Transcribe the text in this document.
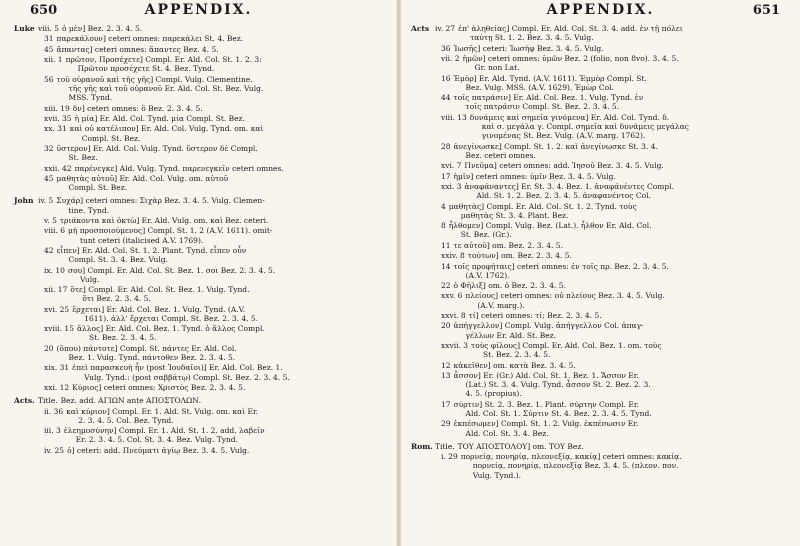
650	APPENDIX.
Luke viii. 5 ὁ μὲν] Bez. 2. 3. 4. 5.
31 παρεκάλουν] ceteri omnes: παρεκάλει St. 4. Bez.
45 ἅπαντας] ceteri omnes: ἅπαντες Bez. 4. 5.
xii. 1 πρῶτον, Προσέχετε] Compl. Er. Ald. Col. St. 1. 2. 3:
Πρῶτον προσέχετε St. 4. Bez. Tynd.
56 τοῦ οὐρανοῦ καὶ τῆς γῆς] Compl. Vulg. Clementine.
τῆς γῆς καὶ τοῦ οὐρανοῦ Er. Ald. Col. St. Bez. Vulg.
MSS. Tynd.
xiii. 19 δν] ceteri omnes: ὃ Bez. 2. 3. 4. 5.
xvii. 35 ἡ μία] Er. Ald. Col. Tynd. μία Compl. St. Bez.
xx. 31 καὶ οὐ κατέλιπον] Er. Ald. Col. Vulg. Tynd. om. καὶ
Compl. St. Bez.
32 ὕστερον] Er. Ald. Col. Vulg. Tynd. ὕστερον δὲ Compl.
St. Bez.
xxii. 42 παρένεγκε] Ald. Vulg. Tynd. παρενεγκεῖν ceteri omnes.
45 μαθητὰς αὐτοῦ] Er. Ald. Col. Vulg. om. αὐτοῦ
Compl. St. Bez.
John iv. 5 Συχάρ] ceteri omnes: Σιχὰρ Bez. 3. 4. 5. Vulg. Clemen-
tine. Tynd.
v. 5 τριάκοντα καὶ ὀκτὼ] Er. Ald. Vulg. om. καὶ Bez. ceteri.
viii. 6 μὴ προσποιούμενος] Compl. St. 1. 2 (A.V. 1611). omit-
tunt ceteri (italicised A.V. 1769).
42 εἶπεν] Er. Ald. Col. St. 1. 2. Plant. Tynd. εἶπεν οὖν
Compl. St. 3. 4. Bez. Vulg.
ix. 10 σου] Compl. Er. Ald. Col. St. Bez. 1. σοι Bez. 2. 3. 4. 5.
Vulg.
xii. 17 ὅτε] Compl. Er. Ald. Col. St. Bez. 1. Vulg. Tynd.
ὅτι Bez. 2. 3. 4. 5.
xvi. 25 ἔρχεται] Er. Ald. Col. Bez. 1. Vulg. Tynd. (A.V.
1611). ἀλλ' ἔρχεται Compl. St. Bez. 2. 3. 4. 5.
xviii. 15 ἄλλος] Er. Ald. Col. Bez. 1. Tynd. ὁ ἄλλος Compl.
St. Bez. 2. 3. 4. 5.
20 (ὅπου) πάντοτε] Compl. St. πάντες Er. Ald. Col.
Bez. 1. Vulg. Tynd. πάντοθεν Bez. 2. 3. 4. 5.
xix. 31 ἐπεὶ παρασκευὴ ἦν (post Ἰουδαῖοι)] Er. Ald. Col. Bez. 1.
Vulg. Tynd.: (post σαββάτῳ) Compl. St. Bez. 2. 3. 4. 5.
xxi. 12 Κύριος] ceteri omnes: Χριστὸς Bez. 2. 3. 4. 5.
Acts. Title. Bez. add. ΑΓΙΩΝ ante ΑΠΟΣΤΟΛΩΝ.
ii. 36 καὶ κύριον] Compl. Er. 1. Ald. St. Vulg. om. καὶ Er.
2. 3. 4. 5. Col. Bez. Tynd.
iii. 3 ἐλεημοσύνην] Compl. Er. 1. Ald. St. 1. 2. add. λαβεῖν
Er. 2. 3. 4. 5. Col. St. 3. 4. Bez. Vulg. Tynd.
iv. 25 ὁ] ceteri: add. Πνεύματι ἁγίῳ Bez. 3. 4. 5. Vulg.
651
APPENDIX.
Acts iv. 27 ἐπ' ἀληθείας] Compl. Er. Ald. Col. St. 3. 4. add. ἐν τῇ πόλει
ταύτῃ St. 1. 2. Bez. 3. 4. 5. Vulg.
36 Ἰωσῆς] ceteri: Ἰωσὴφ Bez. 3. 4. 5. Vulg.
vii. 2 ἡμῶν] ceteri omnes: ὑμῶν Bez. 2 (folio, non 8vo). 3. 4. 5.
Gr. non Lat.
16 Ἐμὸρ] Er. Ald. Tynd. (A.V. 1611). Ἐμμὸρ Compl. St.
Bez. Vulg. MSS. (A.V. 1629). Ἐμὼρ Col.
44 τοῖς πατράσιν] Er. Ald. Col. Bez. 1. Vulg. Tynd. ἐν
τοῖς πατράσιν Compl. St. Bez. 2. 3. 4. 5.
viii. 13 δυνάμεις καὶ σημεῖα γινόμενα] Er. Ald. Col. Tynd. δ.
καὶ σ. μεγάλα γ. Compl. σημεῖα καὶ δυνάμεις μεγάλας
γινομένας St. Bez. Vulg. (A.V. marg. 1762).
28 ἀνεγίνωσκε] Compl. St. 1. 2. καὶ ἀνεγίνωσκε St. 3. 4.
Bez. ceteri omnes.
xvi. 7 Πνεῦμα] ceteri omnes: add. Ἰησοῦ Bez. 3. 4. 5. Vulg.
17 ἡμῖν] ceteri omnes: ὑμῖν Bez. 3. 4. 5. Vulg.
xxi. 3 ἀναφάναντες] Er. St. 3. 4. Bez. 1. ἀναφάνέντες Compl.
Ald. St. 1. 2. Bez. 2. 3. 4. 5. ἀναφανέντος Col.
4 μαθητὰς] Compl. Er. Ald. Col. St. 1. 2. Tynd. τοὺς
μαθητὰς St. 3. 4. Plant. Bez.
8 ἦλθομεν] Compl. Vulg. Bez. (Lat.). ἦλθον Er. Ald. Col.
St. Bez. (Gr.).
11 τε αὐτοῦ] om. Bez. 2. 3. 4. 5.
xxiv. 8 τούτων] om. Bez. 2. 3. 4. 5.
14 τοῖς προφήταις] ceteri omnes: ἐν τοῖς πρ. Bez. 2. 3. 4. 5.
(A.V. 1762).
22 ὁ Φῆλιξ] om. ὁ Bez. 2. 3. 4. 5.
xxv. 6 πλείους] ceteri omnes: οὐ πλείους Bez. 3. 4. 5. Vulg.
(A.V. marg.).
xxvi. 8 τί] ceteri omnes: τί; Bez. 2. 3. 4. 5.
20 ἀπήγγελλον] Compl. Vulg. ἀπήγγελλον Col. ἀπαγ-
γέλλων Er. Ald. St. Bez.
xxvii. 3 τοὺς φίλους] Compl. Er. Ald. Col. Bez. 1. om. τοὺς
St. Bez. 2. 3. 4. 5.
12 κἀκεῖθεν] om. κατὰ Bez. 3. 4. 5.
13 ἆσσον] Er. (Gr.) Ald. Col. St. 1. Bez. 1. Ἄσσον Er.
(Lat.) St. 3. 4. Vulg. Tynd. ἆσσον St. 2. Bez. 2. 3.
4. 5. (propius).
17 σύρτιν] St. 2. 3. Bez. 1. Plant. σύρτην Compl. Er.
Ald. Col. St. 1. Σύρτιν St. 4. Bez. 2. 3. 4. 5. Tynd.
29 ἐκπέσωμεν] Compl. St. 1. 2. Vulg. ἐκπέσωσιν Er.
Ald. Col. St. 3. 4. Bez.
Rom. Title. ΤΟΥ ΑΠΟΣΤΟΛΟΥ] om. ΤΟΥ Bez.
i. 29 πορνείᾳ, πονηρίᾳ, πλεονεξίᾳ, κακίᾳ] ceteri omnes: κακίᾳ.
πορνείᾳ, πονηρίᾳ, πλεονεξίᾳ Bez. 3. 4. 5. (πλεον. πον.
Vulg. Tynd.).
